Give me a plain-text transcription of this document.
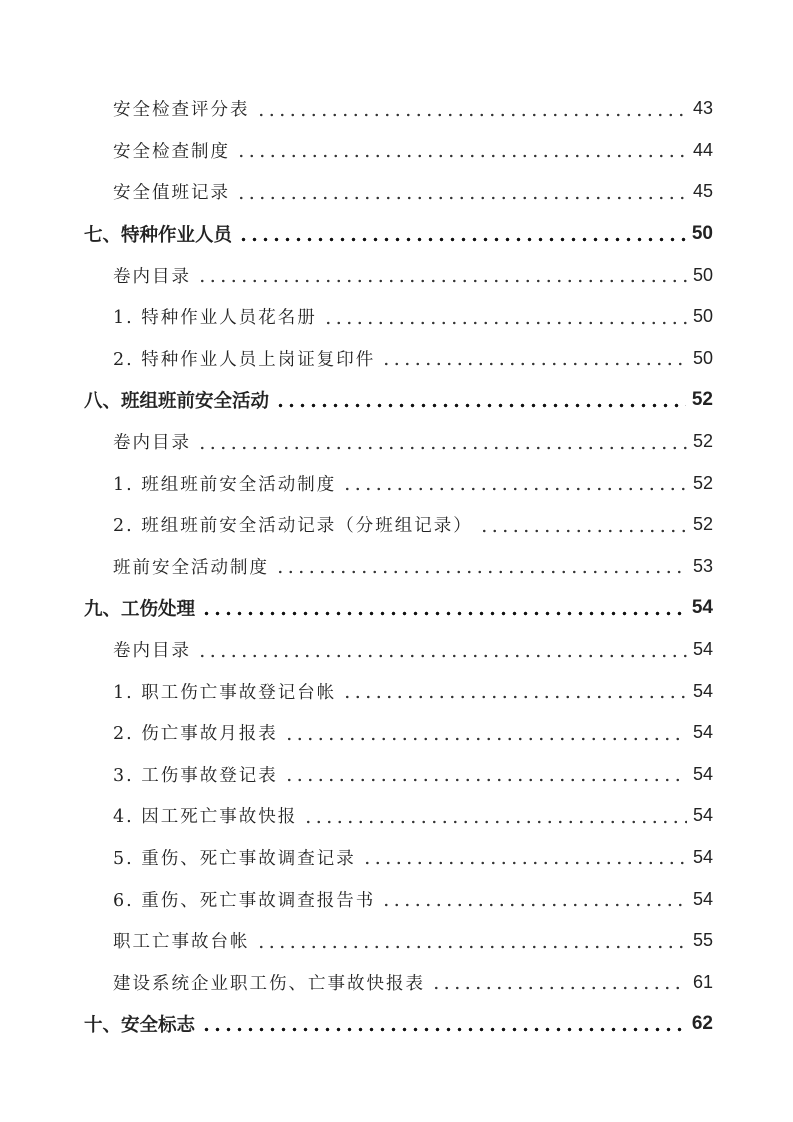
安全检查评分表	43
安全检查制度	44
安全值班记录	45
七、特种作业人员	50
卷内目录	50
1. 特种作业人员花名册	50
2. 特种作业人员上岗证复印件	50
八、班组班前安全活动	52
卷内目录	52
1. 班组班前安全活动制度	52
2. 班组班前安全活动记录（分班组记录）	52
班前安全活动制度	53
九、工伤处理	54
卷内目录	54
1. 职工伤亡事故登记台帐	54
2. 伤亡事故月报表	54
3. 工伤事故登记表	54
4. 因工死亡事故快报	54
5. 重伤、死亡事故调查记录	54
6. 重伤、死亡事故调查报告书	54
职工亡事故台帐	55
建设系统企业职工伤、亡事故快报表	61
十、安全标志	62
